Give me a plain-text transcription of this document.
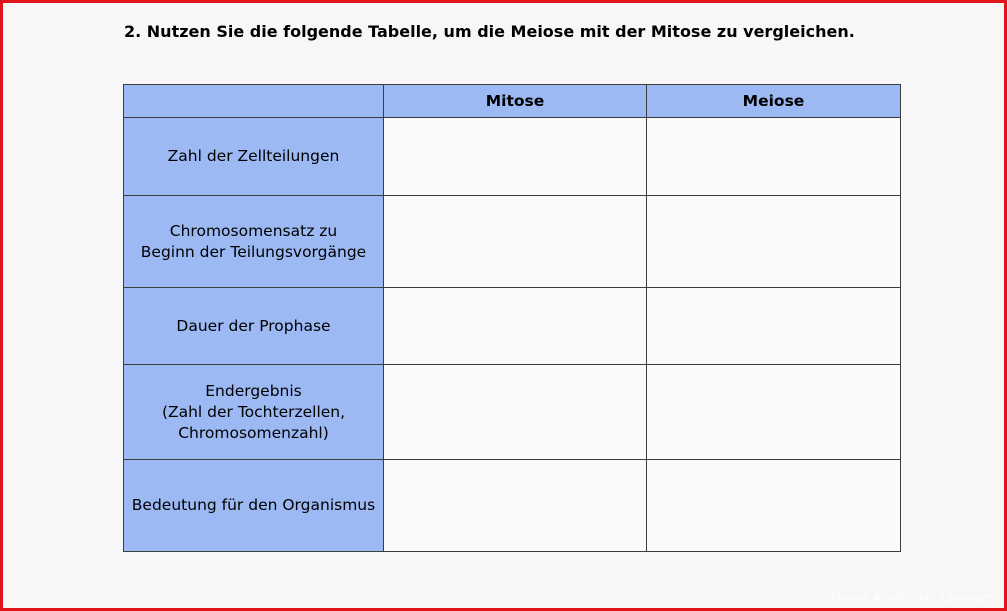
2. Nutzen Sie die folgende Tabelle, um die Meiose mit der Mitose zu vergleichen.

	Mitose	Meiose

Zahl der Zellteilungen		

Chromosomensatz zu
Beginn der Teilungsvorgänge		

Dauer der Prophase		

Endergebnis
(Zahl der Tochterzellen,
Chromosomenzahl)		

Bedeutung für den Organismus		

Meiose Arbeitsblatt Lösungen
